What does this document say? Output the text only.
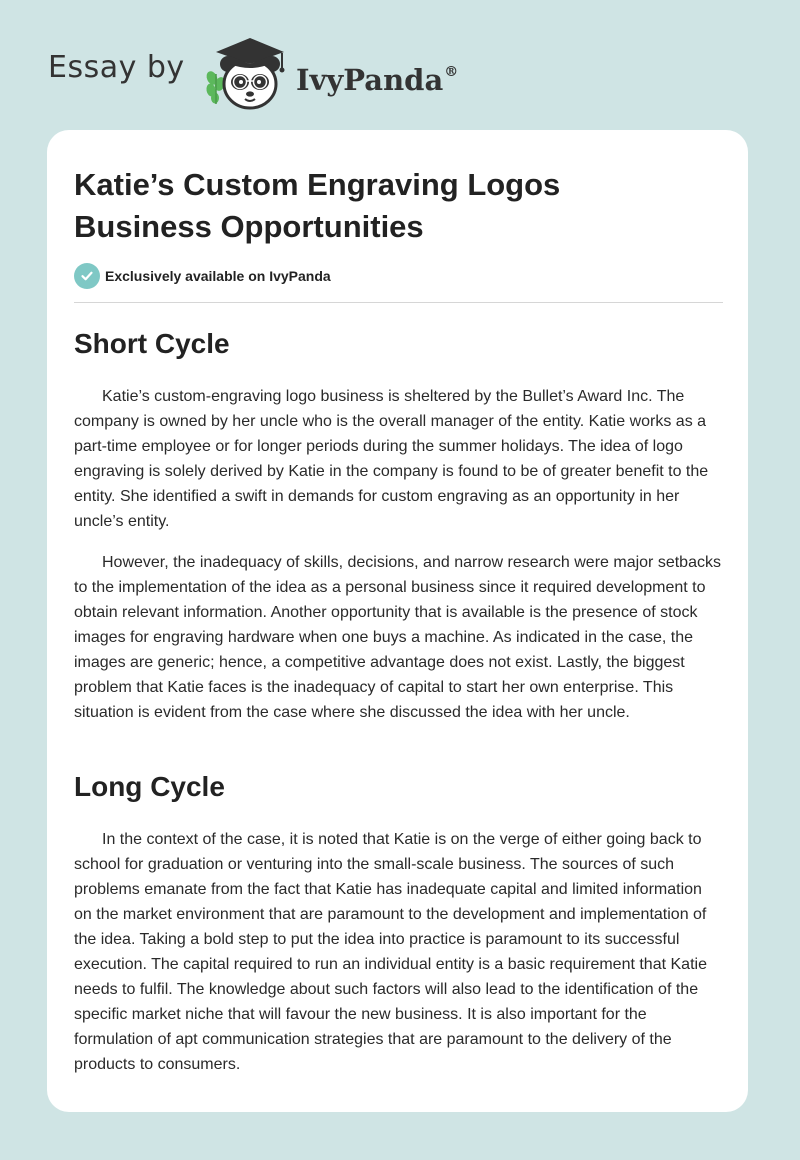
Essay by	IvyPanda®
Katie’s Custom Engraving Logos Business Opportunities
Exclusively available on IvyPanda
Short Cycle

Katie’s custom-engraving logo business is sheltered by the Bullet’s Award Inc. The company is owned by her uncle who is the overall manager of the entity. Katie works as a part-time employee or for longer periods during the summer holidays. The idea of logo engraving is solely derived by Katie in the company is found to be of greater benefit to the entity. She identified a swift in demands for custom engraving as an opportunity in her uncle’s entity.

However, the inadequacy of skills, decisions, and narrow research were major setbacks to the implementation of the idea as a personal business since it required development to obtain relevant information. Another opportunity that is available is the presence of stock images for engraving hardware when one buys a machine. As indicated in the case, the images are generic; hence, a competitive advantage does not exist. Lastly, the biggest problem that Katie faces is the inadequacy of capital to start her own enterprise. This situation is evident from the case where she discussed the idea with her uncle.

Long Cycle

In the context of the case, it is noted that Katie is on the verge of either going back to school for graduation or venturing into the small-scale business. The sources of such problems emanate from the fact that Katie has inadequate capital and limited information on the market environment that are paramount to the development and implementation of the idea. Taking a bold step to put the idea into practice is paramount to its successful execution. The capital required to run an individual entity is a basic requirement that Katie needs to fulfil. The knowledge about such factors will also lead to the identification of the specific market niche that will favour the new business. It is also important for the formulation of apt communication strategies that are paramount to the delivery of the products to consumers.
